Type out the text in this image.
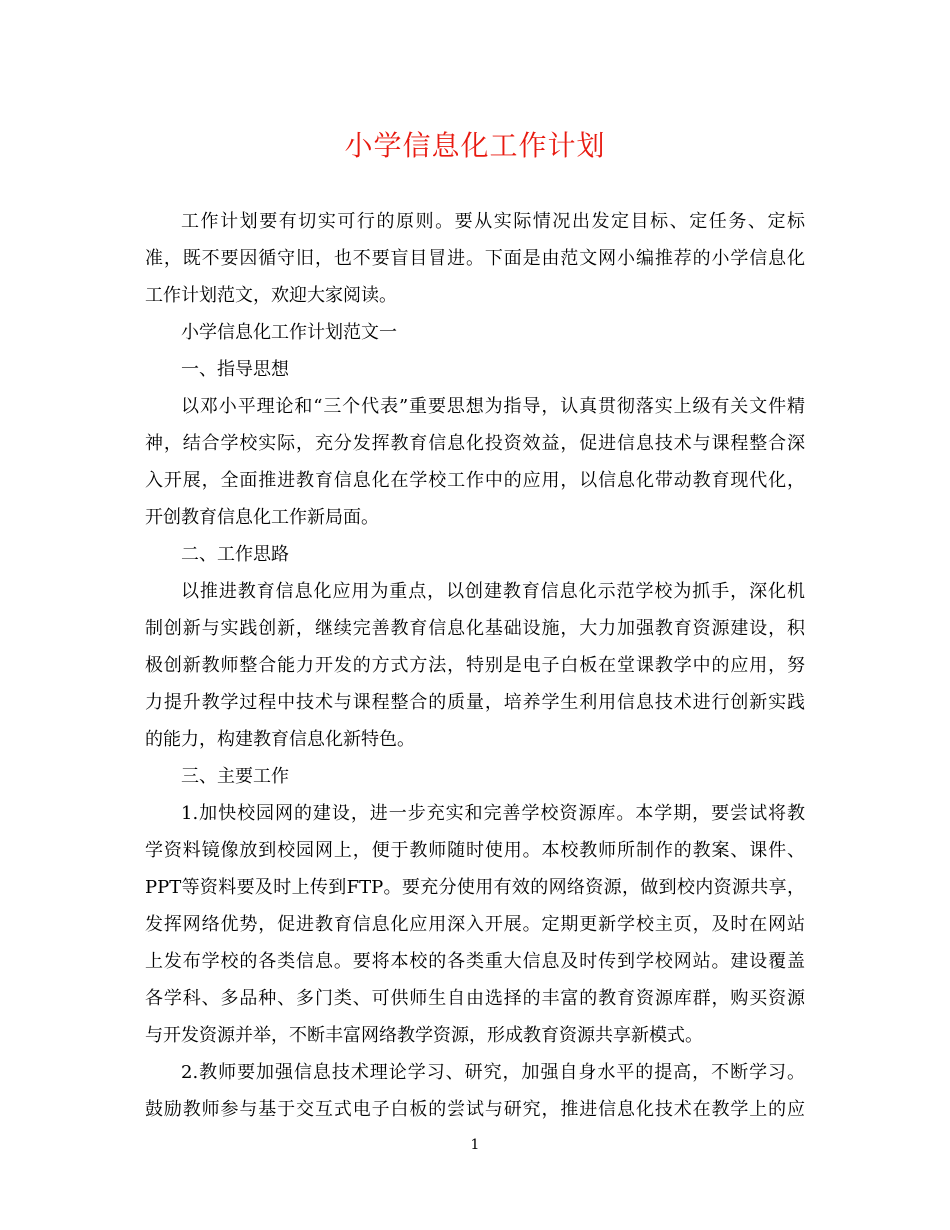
小学信息化工作计划
工作计划要有切实可行的原则。要从实际情况出发定目标、定任务、定标
准，既不要因循守旧，也不要盲目冒进。下面是由范文网小编推荐的小学信息化
工作计划范文，欢迎大家阅读。
小学信息化工作计划范文一
一、指导思想
以邓小平理论和“三个代表”重要思想为指导，认真贯彻落实上级有关文件精
神，结合学校实际，充分发挥教育信息化投资效益，促进信息技术与课程整合深
入开展，全面推进教育信息化在学校工作中的应用，以信息化带动教育现代化，
开创教育信息化工作新局面。
二、工作思路
以推进教育信息化应用为重点，以创建教育信息化示范学校为抓手，深化机
制创新与实践创新，继续完善教育信息化基础设施，大力加强教育资源建设，积
极创新教师整合能力开发的方式方法，特别是电子白板在堂课教学中的应用，努
力提升教学过程中技术与课程整合的质量，培养学生利用信息技术进行创新实践
的能力，构建教育信息化新特色。
三、主要工作
1.加快校园网的建设，进一步充实和完善学校资源库。本学期，要尝试将教
学资料镜像放到校园网上，便于教师随时使用。本校教师所制作的教案、课件、
PPT等资料要及时上传到FTP。要充分使用有效的网络资源，做到校内资源共享，
发挥网络优势，促进教育信息化应用深入开展。定期更新学校主页，及时在网站
上发布学校的各类信息。要将本校的各类重大信息及时传到学校网站。建设覆盖
各学科、多品种、多门类、可供师生自由选择的丰富的教育资源库群，购买资源
与开发资源并举，不断丰富网络教学资源，形成教育资源共享新模式。
2.教师要加强信息技术理论学习、研究，加强自身水平的提高，不断学习。
鼓励教师参与基于交互式电子白板的尝试与研究，推进信息化技术在教学上的应
1
